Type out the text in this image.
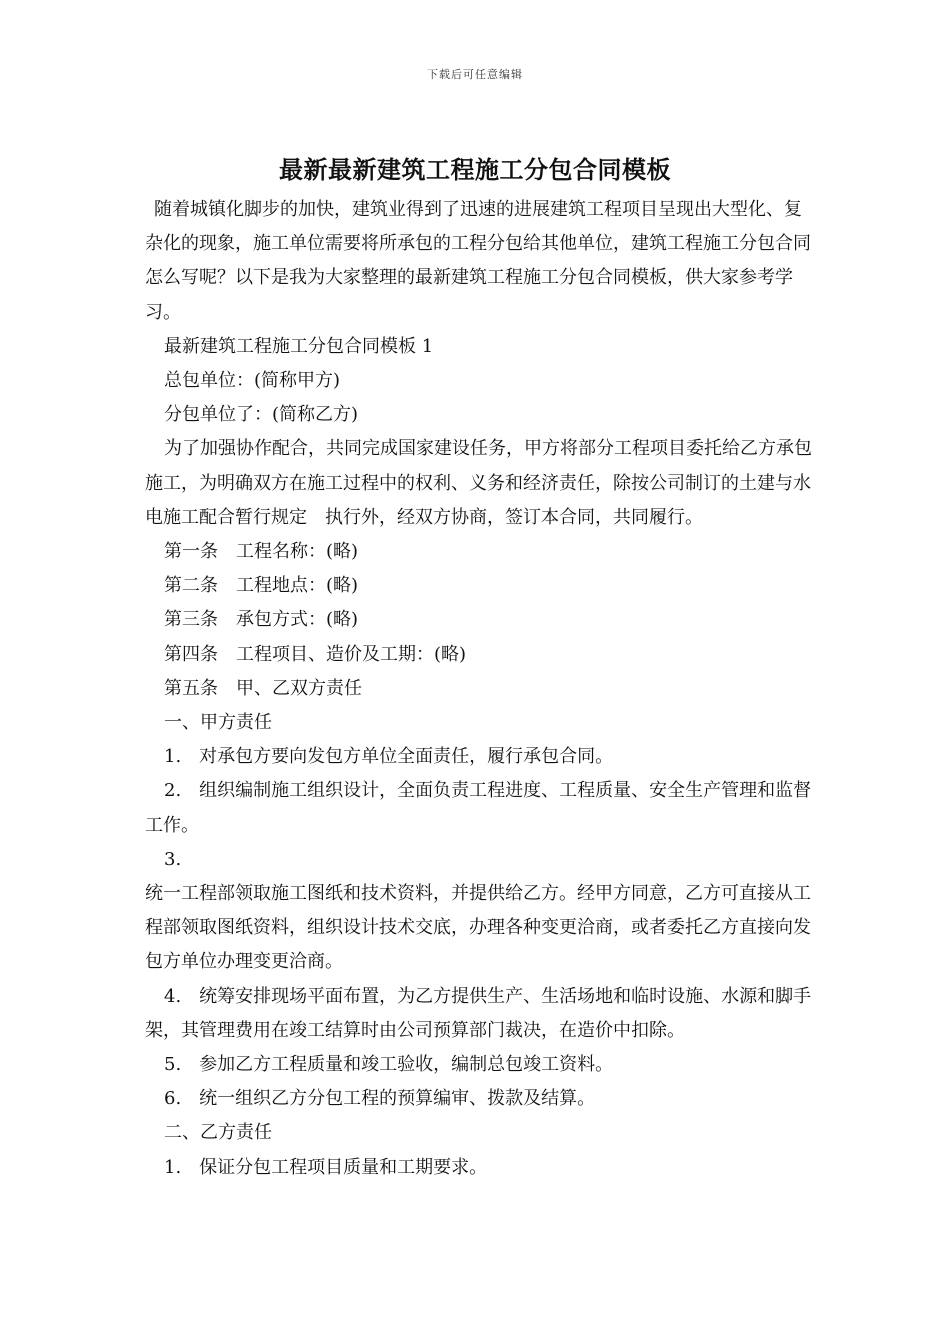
下载后可任意编辑
最新最新建筑工程施工分包合同模板

随着城镇化脚步的加快，建筑业得到了迅速的进展建筑工程项目呈现出大型化、复杂化的现象，施工单位需要将所承包的工程分包给其他单位，建筑工程施工分包合同怎么写呢？以下是我为大家整理的最新建筑工程施工分包合同模板，供大家参考学习。

最新建筑工程施工分包合同模板 1

总包单位：(简称甲方)

分包单位了：(简称乙方)

为了加强协作配合，共同完成国家建设任务，甲方将部分工程项目委托给乙方承包施工，为明确双方在施工过程中的权利、义务和经济责任，除按公司制订的土建与水电施工配合暂行规定　执行外，经双方协商，签订本合同，共同履行。

第一条　工程名称：(略)

第二条　工程地点：(略)

第三条　承包方式：(略)

第四条　工程项目、造价及工期：(略)

第五条　甲、乙双方责任

一、甲方责任

1.　对承包方要向发包方单位全面责任，履行承包合同。

2.　组织编制施工组织设计，全面负责工程进度、工程质量、安全生产管理和监督工作。

3.

统一工程部领取施工图纸和技术资料，并提供给乙方。经甲方同意，乙方可直接从工程部领取图纸资料，组织设计技术交底，办理各种变更洽商，或者委托乙方直接向发包方单位办理变更洽商。

4.　统筹安排现场平面布置，为乙方提供生产、生活场地和临时设施、水源和脚手架，其管理费用在竣工结算时由公司预算部门裁决，在造价中扣除。

5.　参加乙方工程质量和竣工验收，编制总包竣工资料。

6.　统一组织乙方分包工程的预算编审、拨款及结算。

二、乙方责任

1.　保证分包工程项目质量和工期要求。
